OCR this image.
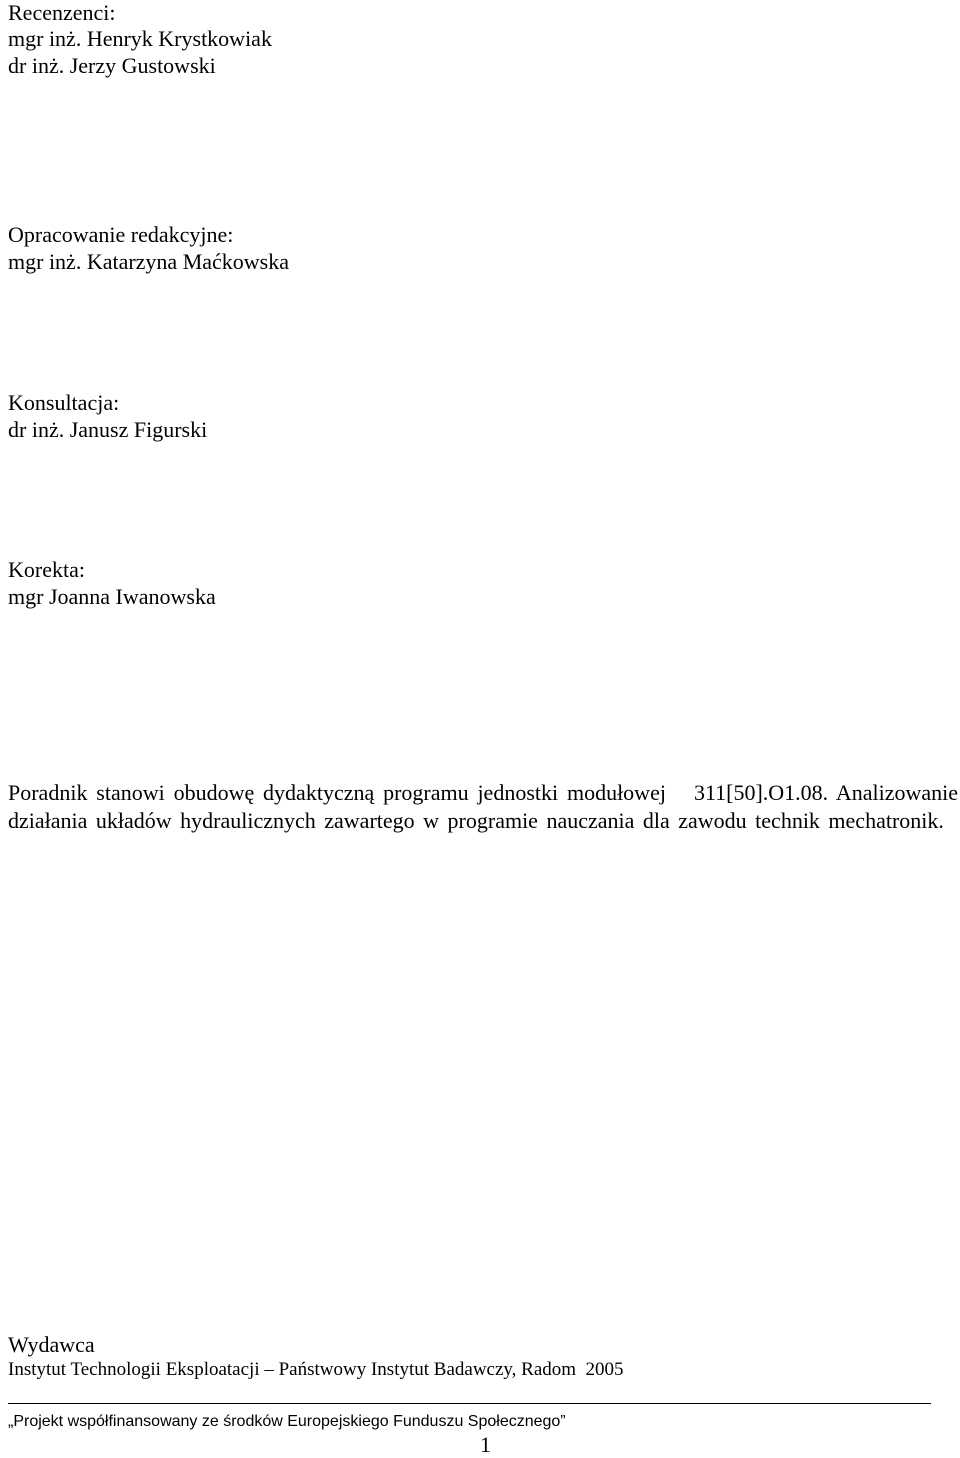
Recenzenci:
mgr inż. Henryk Krystkowiak
dr inż. Jerzy Gustowski
Opracowanie redakcyjne:
mgr inż. Katarzyna Maćkowska
Konsultacja:
dr inż. Janusz Figurski
Korekta:
mgr Joanna Iwanowska
Poradnik stanowi obudowę dydaktyczną programu jednostki modułowej 311[50].O1.08. Analizowanie działania układów hydraulicznych zawartego w programie nauczania dla zawodu technik mechatronik.
Wydawca
Instytut Technologii Eksploatacji – Państwowy Instytut Badawczy, Radom  2005
„Projekt współfinansowany ze środków Europejskiego Funduszu Społecznego”
1
